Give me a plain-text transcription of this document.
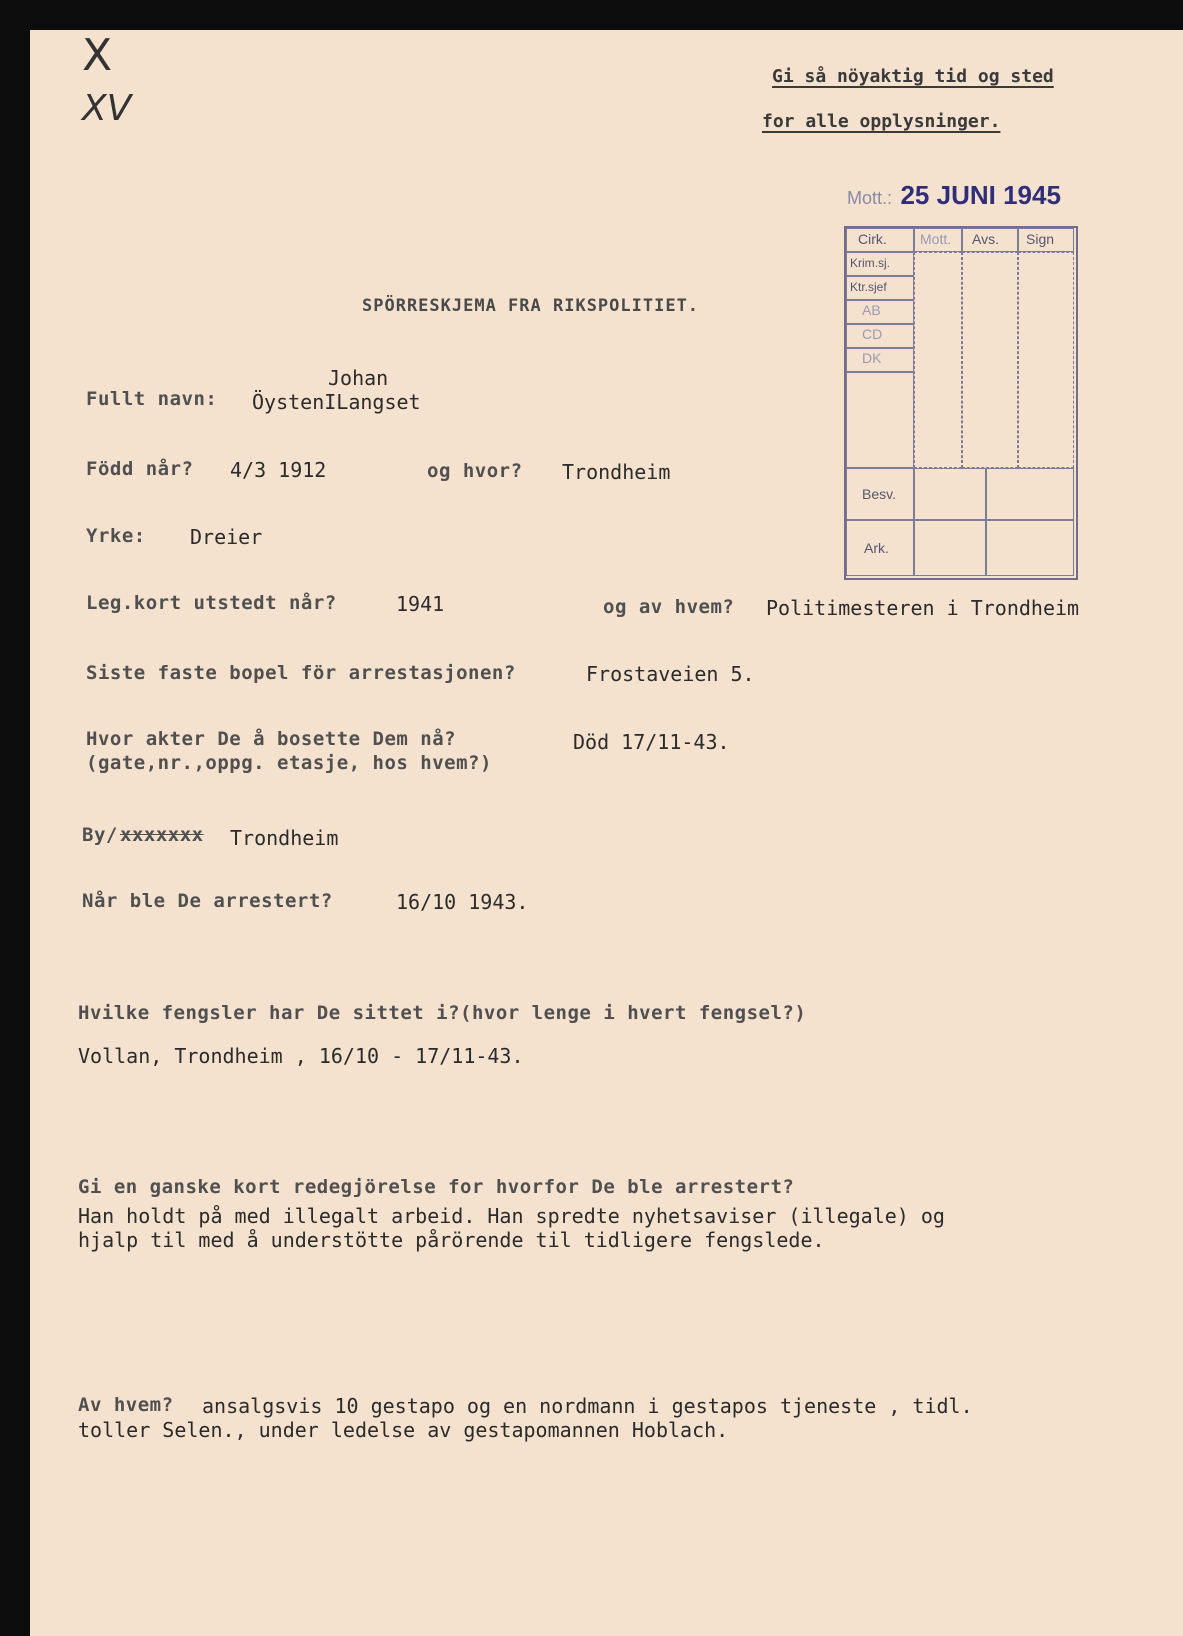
X
XV
Gi så nöyaktig tid og sted
for alle opplysninger.
Mott.: 25 JUNI 1945
Cirk. Mott. Avs. Sign
Krim.sj.
Ktr.sjef
AB
CD
DK
Besv.
Ark.
SPÖRRESKJEMA FRA RIKSPOLITIET.
Johan
Fullt navn: ÖystenILangset
Född når? 4/3 1912	og hvor? Trondheim
Yrke: Dreier
Leg.kort utstedt når?	1941	og av hvem? Politimesteren i Trondheim
Siste faste bopel för arrestasjonen?	Frostaveien 5.
Hvor akter De å bosette Dem nå?	Död 17/11-43.
(gate,nr.,oppg. etasje, hos hvem?)
By/ xxxxxxx Trondheim
Når ble De arrestert?	16/10 1943.
Hvilke fengsler har De sittet i?(hvor lenge i hvert fengsel?)
Vollan, Trondheim , 16/10 - 17/11-43.
Gi en ganske kort redegjörelse for hvorfor De ble arrestert?
Han holdt på med illegalt arbeid. Han spredte nyhetsaviser (illegale) og
hjalp til med å understötte pårörende til tidligere fengslede.
Av hvem? ansalgsvis 10 gestapo og en nordmann i gestapos tjeneste , tidl.
toller Selen., under ledelse av gestapomannen Hoblach.
